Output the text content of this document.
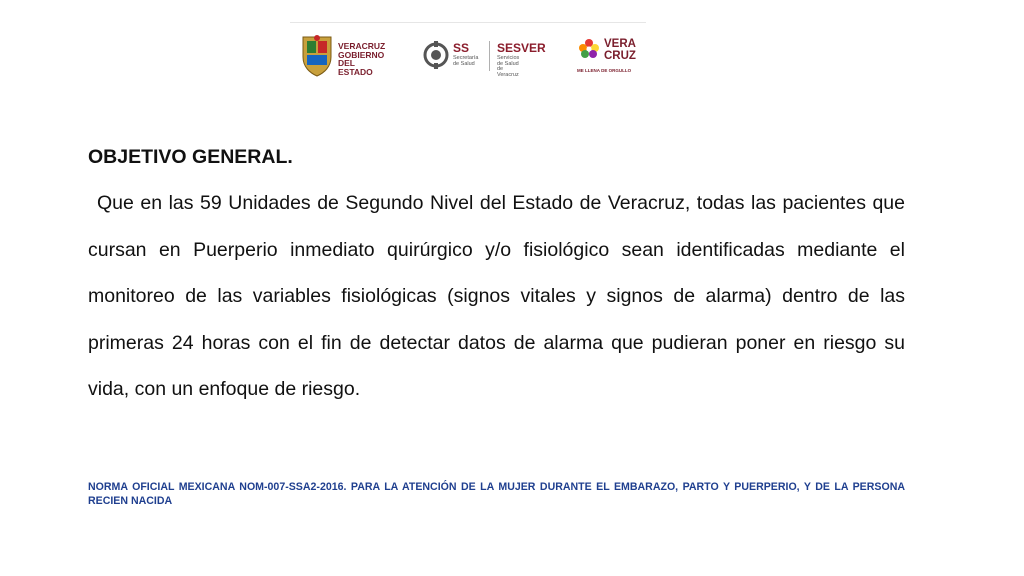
VERACRUZ
GOBIERNO
DEL ESTADO
SS
Secretaría
de Salud
SESVER
Servicios de Salud
de Veracruz
VERA
CRUZ
ME LLENA DE ORGULLO
OBJETIVO GENERAL.

Que en las 59 Unidades de Segundo Nivel del Estado de Veracruz, todas las pacientes que cursan en Puerperio inmediato quirúrgico y/o fisiológico sean identificadas mediante el monitoreo de las variables fisiológicas (signos vitales y signos de alarma) dentro de las primeras 24 horas con el fin de detectar datos de alarma que pudieran poner en riesgo su vida, con un enfoque de riesgo.

NORMA OFICIAL MEXICANA NOM-007-SSA2-2016. PARA LA ATENCIÓN DE LA MUJER DURANTE EL EMBARAZO, PARTO Y PUERPERIO, Y DE LA PERSONA RECIEN NACIDA
